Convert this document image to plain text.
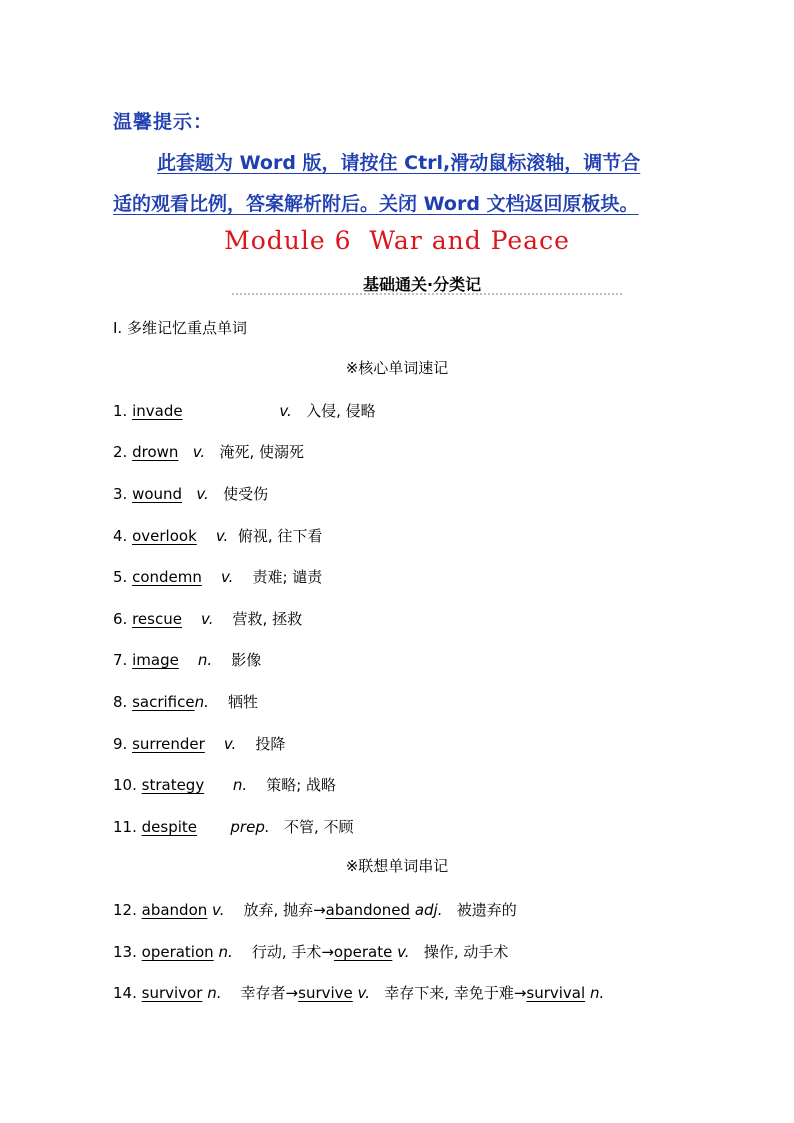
温馨提示：
此套题为 Word 版，请按住 Ctrl,滑动鼠标滚轴，调节合
适的观看比例，答案解析附后。关闭 Word 文档返回原板块。
Module 6  War and Peace
基础通关·分类记
Ⅰ. 多维记忆重点单词
※核心单词速记
1. invade	v. 入侵, 侵略
2. drown v. 淹死, 使溺死
3. wound v. 使受伤
4. overlook v. 俯视, 往下看
5. condemn v. 责难; 谴责
6. rescue v. 营救, 拯救
7. image n. 影像
8. sacrificen. 牺牲
9. surrender v. 投降
10. strategy n. 策略; 战略
11. despite prep. 不管, 不顾
※联想单词串记
12. abandon v. 放弃, 抛弃→abandoned adj. 被遗弃的
13. operation n. 行动, 手术→operate v. 操作, 动手术
14. survivor n. 幸存者→survive v. 幸存下来, 幸免于难→survival n.
